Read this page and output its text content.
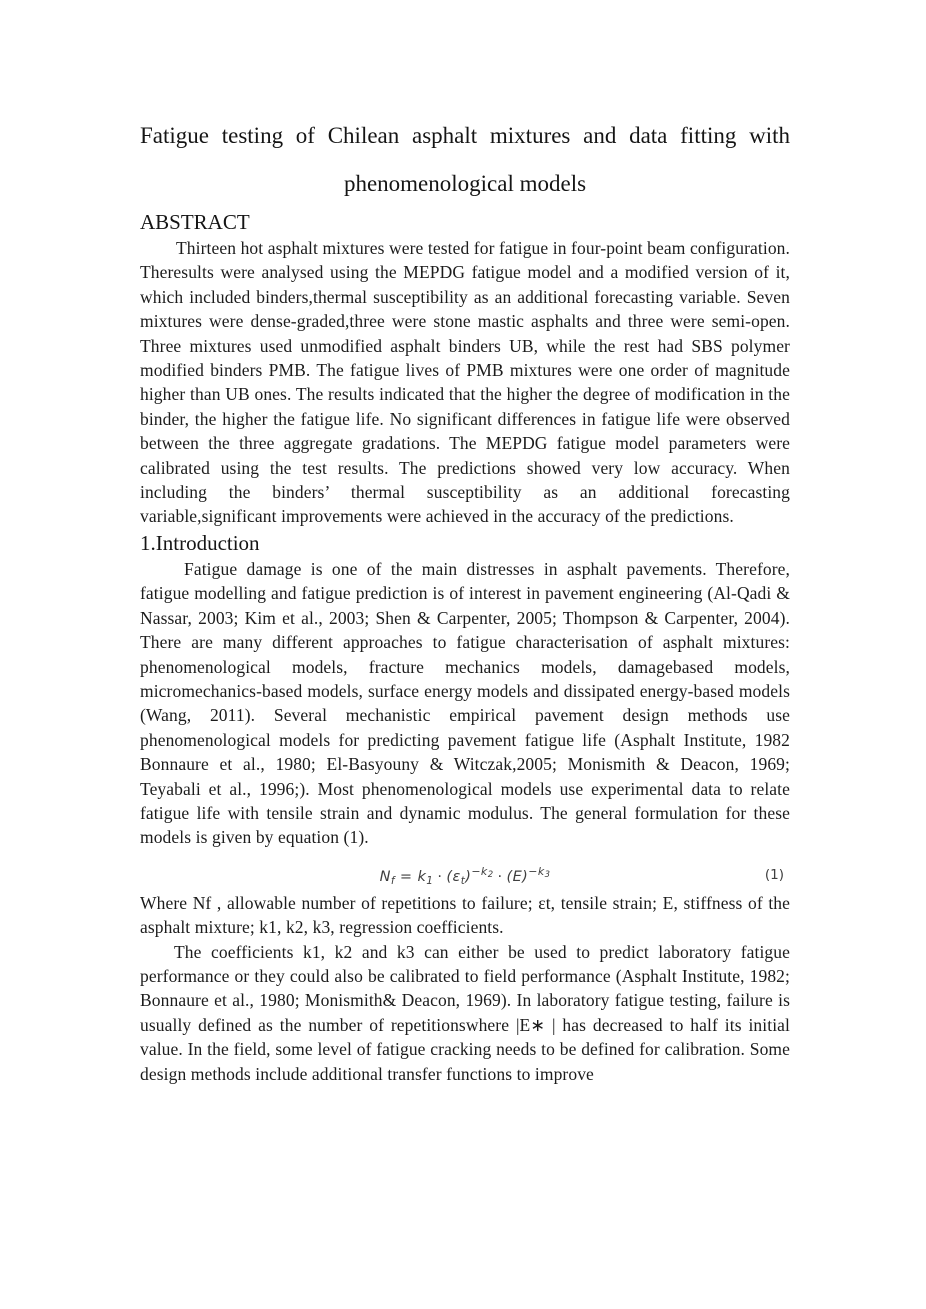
Fatigue testing of Chilean asphalt mixtures and data fitting with
phenomenological models
ABSTRACT

Thirteen hot asphalt mixtures were tested for fatigue in four-point beam configuration. Theresults were analysed using the MEPDG fatigue model and a modified version of it, which included binders,thermal susceptibility as an additional forecasting variable. Seven mixtures were dense-graded,three were stone mastic asphalts and three were semi-open. Three mixtures used unmodified asphalt binders UB, while the rest had SBS polymer modified binders PMB. The fatigue lives of PMB mixtures were one order of magnitude higher than UB ones. The results indicated that the higher the degree of modification in the binder, the higher the fatigue life. No significant differences in fatigue life were observed between the three aggregate gradations. The MEPDG fatigue model parameters were calibrated using the test results. The predictions showed very low accuracy. When including the binders’ thermal susceptibility as an additional forecasting variable,significant improvements were achieved in the accuracy of the predictions.

1.Introduction

Fatigue damage is one of the main distresses in asphalt pavements. Therefore, fatigue modelling and fatigue prediction is of interest in pavement engineering (Al-Qadi & Nassar, 2003; Kim et al., 2003; Shen & Carpenter, 2005; Thompson & Carpenter, 2004). There are many different approaches to fatigue characterisation of asphalt mixtures: phenomenological models, fracture mechanics models, damagebased models, micromechanics-based models, surface energy models and dissipated energy-based models (Wang, 2011). Several mechanistic empirical pavement design methods use phenomenological models for predicting pavement fatigue life (Asphalt Institute, 1982 Bonnaure et al., 1980; El-Basyouny & Witczak,2005; Monismith & Deacon, 1969; Teyabali et al., 1996;). Most phenomenological models use experimental data to relate fatigue life with tensile strain and dynamic modulus. The general formulation for these models is given by equation (1).

$N_f = k_1 \cdot (\varepsilon_t)^{-k_2} \cdot (E)^{-k_3}$	(1)

Where Nf , allowable number of repetitions to failure; εt, tensile strain; E, stiffness of the asphalt mixture; k1, k2, k3, regression coefficients.

The coefficients k1, k2 and k3 can either be used to predict laboratory fatigue performance or they could also be calibrated to field performance (Asphalt Institute, 1982; Bonnaure et al., 1980; Monismith& Deacon, 1969). In laboratory fatigue testing, failure is usually defined as the number of repetitionswhere |E∗ | has decreased to half its initial value. In the field, some level of fatigue cracking needs to be defined for calibration. Some design methods include additional transfer functions to improve
